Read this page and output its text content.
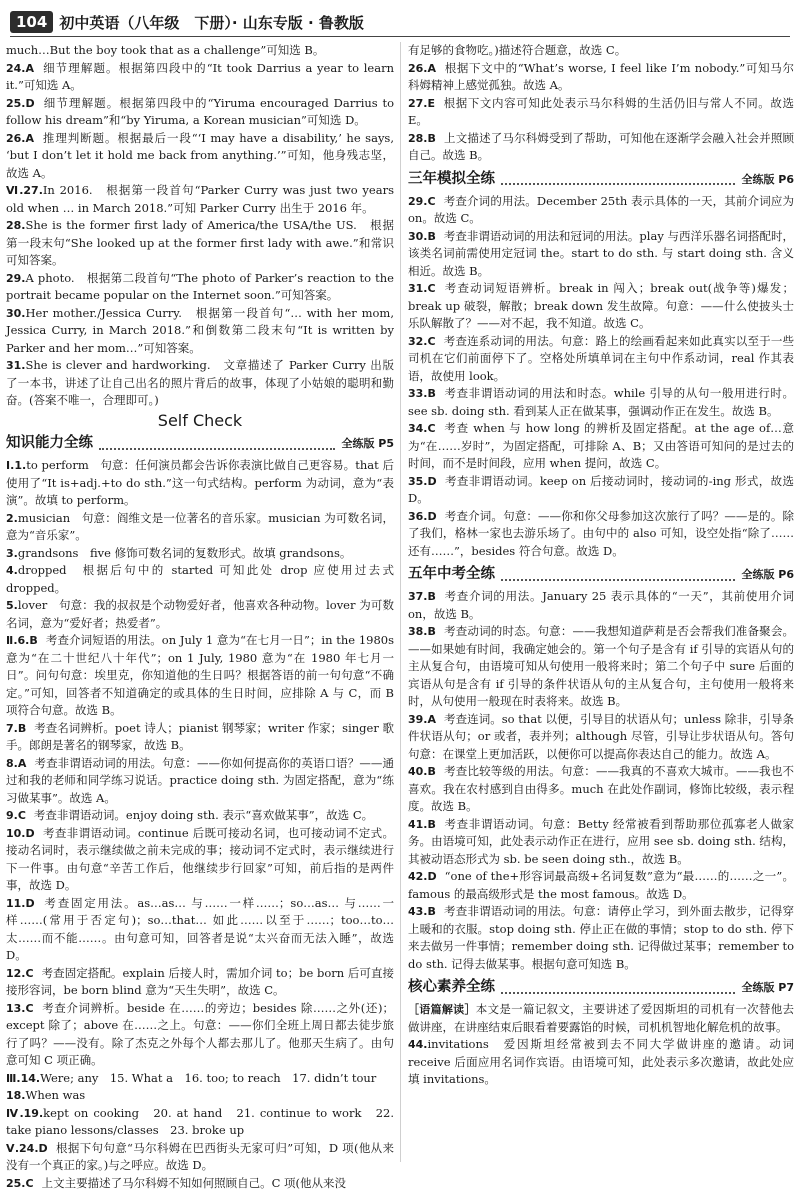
104 初中英语（八年级　下册）· 山东专版 · 鲁教版

much…But the boy took that as a challenge”可知选 B。

24.A 细节理解题。根据第四段中的“It took Darrius a year to learn it.”可知选 A。

25.D 细节理解题。根据第四段中的“Yiruma encouraged Darrius to follow his dream”和“by Yiruma, a Korean musician”可知选 D。

26.A 推理判断题。根据最后一段“‘I may have a disability,’ he says, ‘but I don’t let it hold me back from anything.’”可知，他身残志坚，故选 A。

Ⅵ.27.In 2016.　根据第一段首句“Parker Curry was just two years old when … in March 2018.”可知 Parker Curry 出生于 2016 年。

28.She is the former first lady of America/the USA/the US.　根据第一段末句“She looked up at the former first lady with awe.”和常识可知答案。

29.A photo.　根据第二段首句“The photo of Parker’s reaction to the portrait became popular on the Internet soon.”可知答案。

30.Her mother./Jessica Curry.　根据第一段首句“… with her mom, Jessica Curry, in March 2018.”和倒数第二段末句“It is written by Parker and her mom…”可知答案。

31.She is clever and hardworking.　文章描述了 Parker Curry 出版了一本书，讲述了让自己出名的照片背后的故事，体现了小姑娘的聪明和勤奋。(答案不唯一，合理即可。)

Self Check
知识能力全练	全练版 P5

Ⅰ.1.to perform　句意：任何演员都会告诉你表演比做自己更容易。that 后使用了“It is+adj.+to do sth.”这一句式结构。perform 为动词，意为“表演”。故填 to perform。

2.musician　句意：阎维文是一位著名的音乐家。musician 为可数名词，意为“音乐家”。

3.grandsons　five 修饰可数名词的复数形式。故填 grandsons。

4.dropped　根据后句中的 started 可知此处 drop 应使用过去式 dropped。

5.lover　句意：我的叔叔是个动物爱好者，他喜欢各种动物。lover 为可数名词，意为“爱好者；热爱者”。

Ⅱ.6.B 考查介词短语的用法。on July 1 意为“在七月一日”；in the 1980s 意为“在二十世纪八十年代”；on 1 July, 1980 意为“在 1980 年七月一日”。问句句意：埃里克，你知道他的生日吗？根据答语的前一句句意“不确定。”可知，回答者不知道确定的或具体的生日时间，应排除 A 与 C，而 B 项符合句意。故选 B。

7.B 考查名词辨析。poet 诗人；pianist 钢琴家；writer 作家；singer 歌手。郎朗是著名的钢琴家，故选 B。

8.A 考查非谓语动词的用法。句意：——你如何提高你的英语口语？——通过和我的老师和同学练习说话。practice doing sth. 为固定搭配，意为“练习做某事”。故选 A。

9.C 考查非谓语动词。enjoy doing sth. 表示“喜欢做某事”，故选 C。

10.D 考查非谓语动词。continue 后既可接动名词，也可接动词不定式。接动名词时，表示继续做之前未完成的事；接动词不定式时，表示继续进行下一件事。由句意“辛苦工作后，他继续步行回家”可知，前后指的是两件事，故选 D。

11.D 考查固定用法。as…as… 与……一样……；so…as… 与……一样……(常用于否定句)；so…that… 如此……以至于……；too…to… 太……而不能……。由句意可知，回答者是说“太兴奋而无法入睡”，故选 D。

12.C 考查固定搭配。explain 后接人时，需加介词 to；be born 后可直接接形容词，be born blind 意为“天生失明”，故选 C。

13.C 考查介词辨析。beside 在……的旁边；besides 除……之外(还)；except 除了；above 在……之上。句意：——你们全班上周日都去徒步旅行了吗？——没有。除了杰克之外每个人都去那儿了。他那天生病了。由句意可知 C 项正确。

Ⅲ.14.Were; any　15. What a　16. too; to reach　17. didn’t tour

18.When was

Ⅳ.19.kept on cooking　20. at hand　21. continue to work　22. take piano lessons/classes　23. broke up

Ⅴ.24.D 根据下句句意“马尔科姆在巴西街头无家可归”可知，D 项(他从来没有一个真正的家。)与之呼应。故选 D。

25.C 上文主要描述了马尔科姆不知如何照顾自己。C 项(他从来没

有足够的食物吃。)描述符合题意，故选 C。

26.A 根据下文中的“What’s worse, I feel like I’m nobody.”可知马尔科姆精神上感觉孤独。故选 A。

27.E 根据下文内容可知此处表示马尔科姆的生活仍旧与常人不同。故选 E。

28.B 上文描述了马尔科姆受到了帮助，可知他在逐渐学会融入社会并照顾自己。故选 B。

三年模拟全练	全练版 P6

29.C 考查介词的用法。December 25th 表示具体的一天，其前介词应为 on。故选 C。

30.B 考查非谓语动词的用法和冠词的用法。play 与西洋乐器名词搭配时，该类名词前需使用定冠词 the。start to do sth. 与 start doing sth. 含义相近。故选 B。

31.C 考查动词短语辨析。break in 闯入；break out(战争等)爆发；break up 破裂，解散；break down 发生故障。句意：——什么使披头士乐队解散了？——对不起，我不知道。故选 C。

32.C 考查连系动词的用法。句意：路上的绘画看起来如此真实以至于一些司机在它们前面停下了。空格处所填单词在主句中作系动词，real 作其表语，故使用 look。

33.B 考查非谓语动词的用法和时态。while 引导的从句一般用进行时。see sb. doing sth. 看到某人正在做某事，强调动作正在发生。故选 B。

34.C 考查 when 与 how long 的辨析及固定搭配。at the age of…意为“在……岁时”，为固定搭配，可排除 A、B；又由答语可知问的是过去的时间，而不是时间段，应用 when 提问，故选 C。

35.D 考查非谓语动词。keep on 后接动词时，接动词的-ing 形式，故选 D。

36.D 考查介词。句意：——你和你父母参加这次旅行了吗？——是的。除了我们，格林一家也去游乐场了。由句中的 also 可知，设空处指“除了……还有……”，besides 符合句意。故选 D。

五年中考全练	全练版 P6

37.B 考查介词的用法。January 25 表示具体的“一天”，其前使用介词 on，故选 B。

38.B 考查动词的时态。句意：——我想知道萨莉是否会帮我们准备聚会。——如果她有时间，我确定她会的。第一个句子是含有 if 引导的宾语从句的主从复合句，由语境可知从句使用一般将来时；第二个句子中 sure 后面的宾语从句是含有 if 引导的条件状语从句的主从复合句，主句使用一般将来时，从句使用一般现在时表将来。故选 B。

39.A 考查连词。so that 以便，引导目的状语从句；unless 除非，引导条件状语从句；or 或者，表并列；although 尽管，引导让步状语从句。答句句意：在课堂上更加活跃，以便你可以提高你表达自己的能力。故选 A。

40.B 考查比较等级的用法。句意：——我真的不喜欢大城市。——我也不喜欢。我在农村感到自由得多。much 在此处作副词，修饰比较级，表示程度。故选 B。

41.B 考查非谓语动词。句意：Betty 经常被看到帮助那位孤寡老人做家务。由语境可知，此处表示动作正在进行，应用 see sb. doing sth. 结构，其被动语态形式为 sb. be seen doing sth.，故选 B。

42.D “one of the+形容词最高级+名词复数”意为“最……的……之一”。famous 的最高级形式是 the most famous。故选 D。

43.B 考查非谓语动词的用法。句意：请停止学习，到外面去散步，记得穿上暖和的衣服。stop doing sth. 停止正在做的事情；stop to do sth. 停下来去做另一件事情；remember doing sth. 记得做过某事；remember to do sth. 记得去做某事。根据句意可知选 B。

核心素养全练	全练版 P7

［语篇解读］本文是一篇记叙文，主要讲述了爱因斯坦的司机有一次替他去做讲座，在讲座结束后眼看着要露馅的时候，司机机智地化解危机的故事。

44.invitations　爱因斯坦经常被到去不同大学做讲座的邀请。动词 receive 后面应用名词作宾语。由语境可知，此处表示多次邀请，故此处应填 invitations。
